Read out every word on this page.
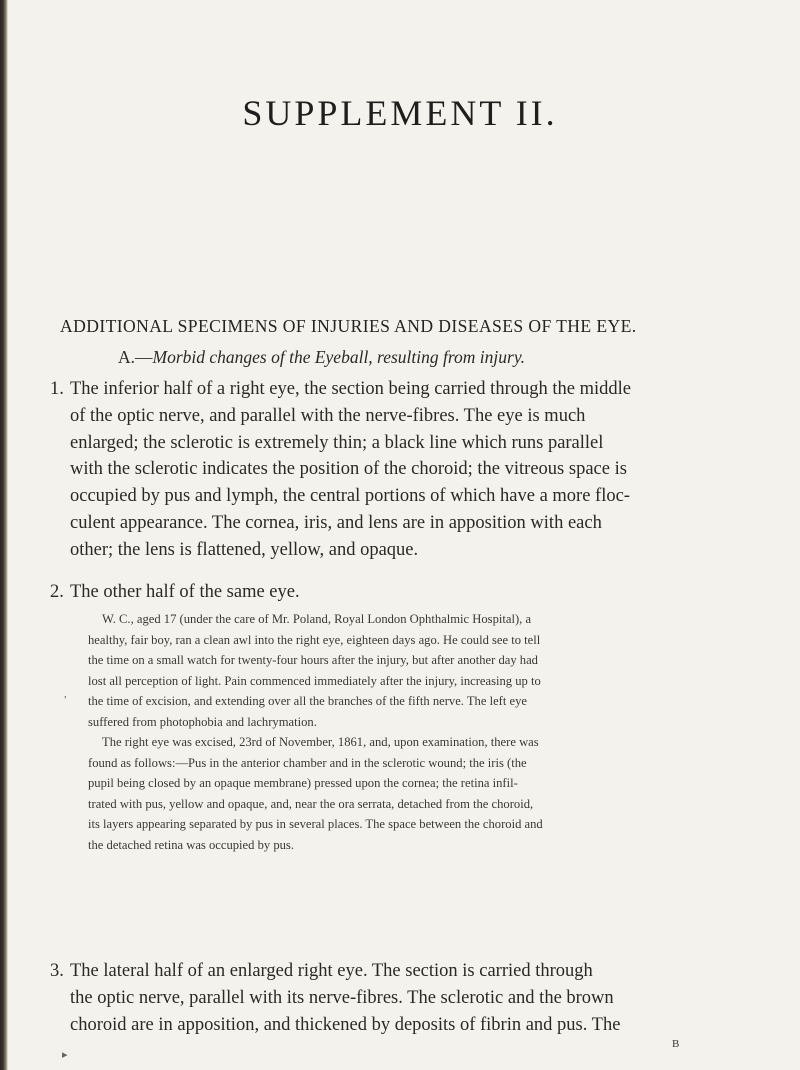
SUPPLEMENT II.
ADDITIONAL SPECIMENS OF INJURIES AND DISEASES OF THE EYE.
A.—Morbid changes of the Eyeball, resulting from injury.
1. The inferior half of a right eye, the section being carried through the middle
of the optic nerve, and parallel with the nerve-fibres. The eye is much
enlarged; the sclerotic is extremely thin; a black line which runs parallel
with the sclerotic indicates the position of the choroid; the vitreous space is
occupied by pus and lymph, the central portions of which have a more floc-
culent appearance. The cornea, iris, and lens are in apposition with each
other; the lens is flattened, yellow, and opaque.
2. The other half of the same eye.
W. C., aged 17 (under the care of Mr. Poland, Royal London Ophthalmic Hospital), a
healthy, fair boy, ran a clean awl into the right eye, eighteen days ago. He could see to tell
the time on a small watch for twenty-four hours after the injury, but after another day had
lost all perception of light. Pain commenced immediately after the injury, increasing up to
the time of excision, and extending over all the branches of the fifth nerve. The left eye
suffered from photophobia and lachrymation.
The right eye was excised, 23rd of November, 1861, and, upon examination, there was
found as follows:—Pus in the anterior chamber and in the sclerotic wound; the iris (the
pupil being closed by an opaque membrane) pressed upon the cornea; the retina infil-
trated with pus, yellow and opaque, and, near the ora serrata, detached from the choroid,
its layers appearing separated by pus in several places. The space between the choroid and
the detached retina was occupied by pus.
3. The lateral half of an enlarged right eye. The section is carried through
the optic nerve, parallel with its nerve-fibres. The sclerotic and the brown
choroid are in apposition, and thickened by deposits of fibrin and pus. The
B
,
▸
